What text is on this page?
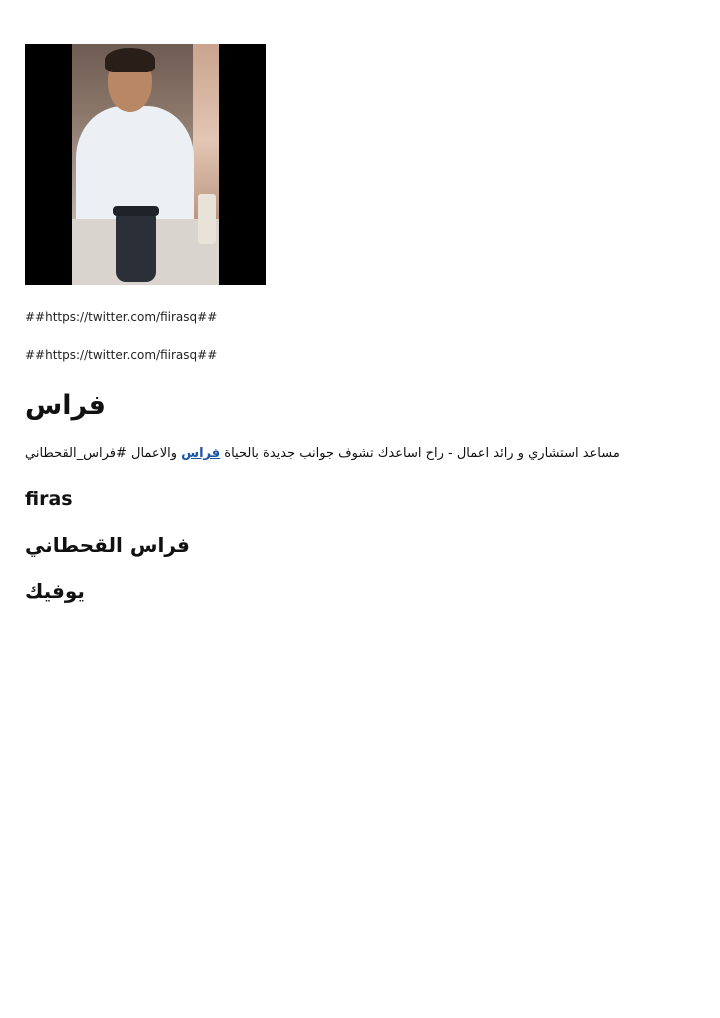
##https://twitter.com/fiirasq##

##https://twitter.com/fiirasq##

فراس
مساعد استشاري و رائد اعمال - راح اساعدك تشوف جوانب جديدة بالحياة فراس والاعمال #فراس_القحطاني
firas
فراس القحطاني
يوفيك
